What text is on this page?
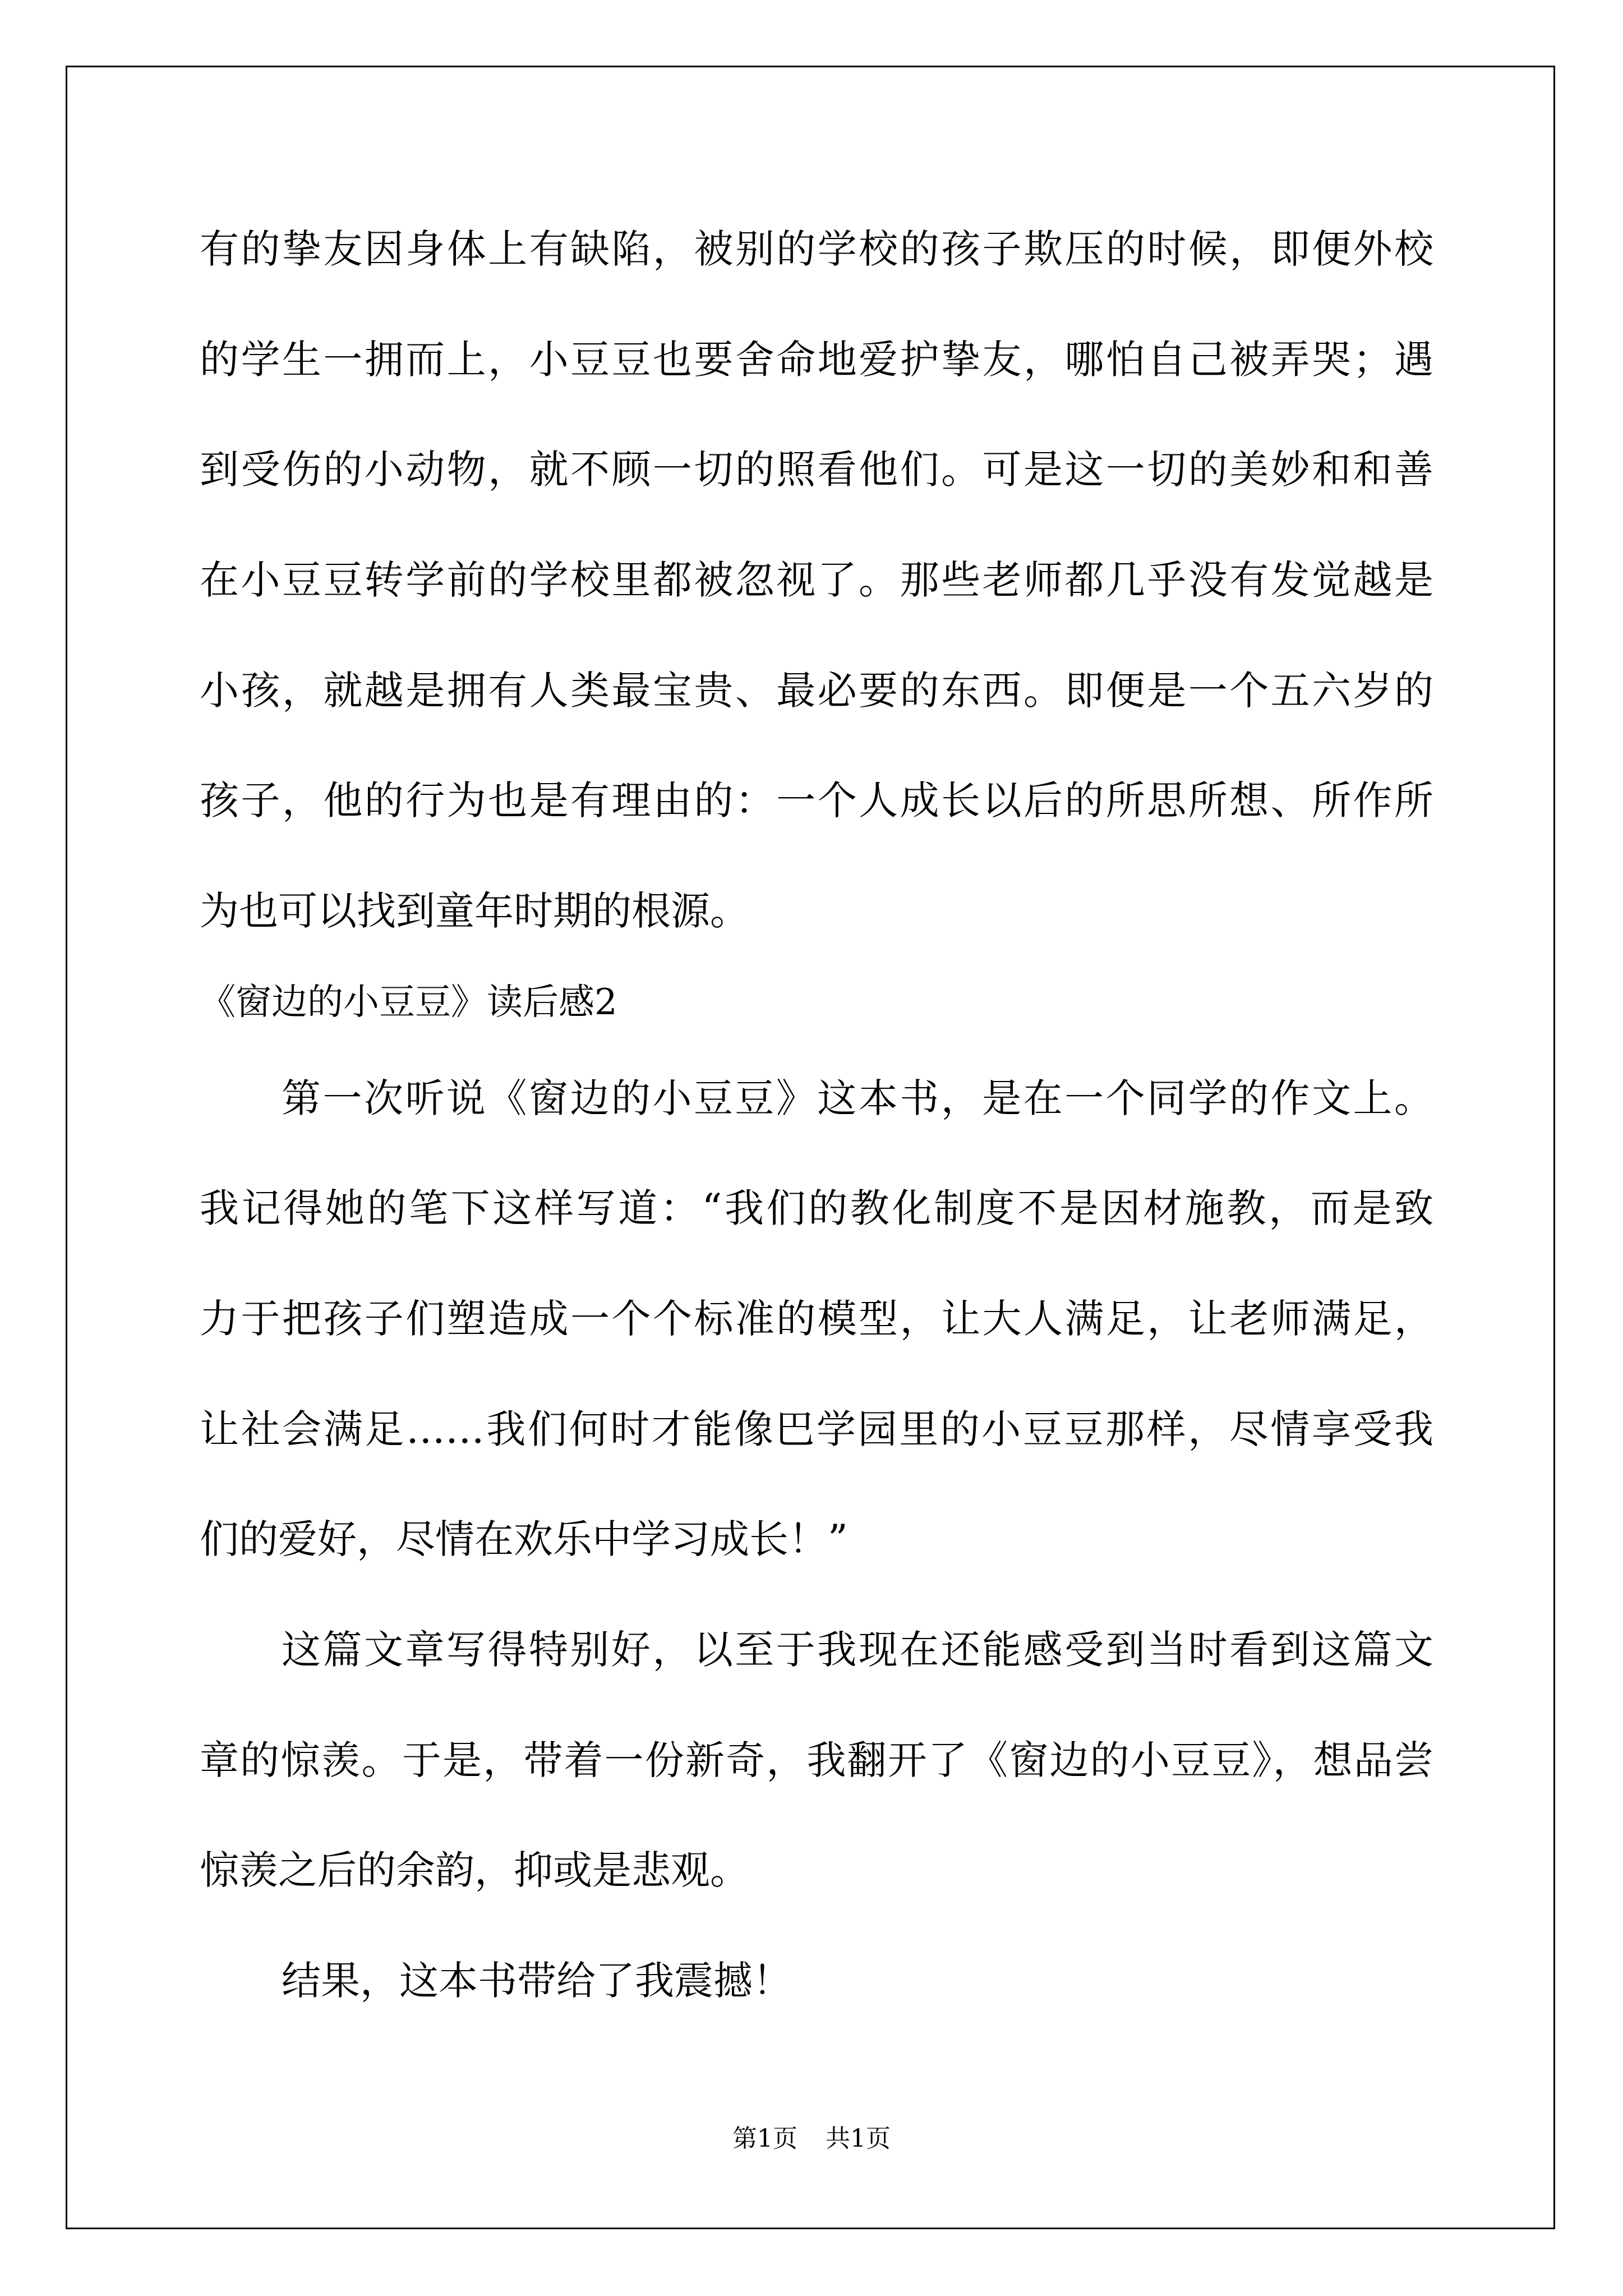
有的挚友因身体上有缺陷，被别的学校的孩子欺压的时候，即便外校
的学生一拥而上，小豆豆也要舍命地爱护挚友，哪怕自己被弄哭；遇
到受伤的小动物，就不顾一切的照看他们。可是这一切的美妙和和善
在小豆豆转学前的学校里都被忽视了。那些老师都几乎没有发觉越是
小孩，就越是拥有人类最宝贵、最必要的东西。即便是一个五六岁的
孩子，他的行为也是有理由的：一个人成长以后的所思所想、所作所
为也可以找到童年时期的根源。
《窗边的小豆豆》读后感2
第一次听说《窗边的小豆豆》这本书，是在一个同学的作文上。
我记得她的笔下这样写道：“我们的教化制度不是因材施教，而是致
力于把孩子们塑造成一个个标准的模型，让大人满足，让老师满足，
让社会满足……我们何时才能像巴学园里的小豆豆那样，尽情享受我
们的爱好，尽情在欢乐中学习成长！”
这篇文章写得特别好，以至于我现在还能感受到当时看到这篇文
章的惊羡。于是，带着一份新奇，我翻开了《窗边的小豆豆》，想品尝
惊羡之后的余韵，抑或是悲观。
结果，这本书带给了我震撼！
第1页 共1页
